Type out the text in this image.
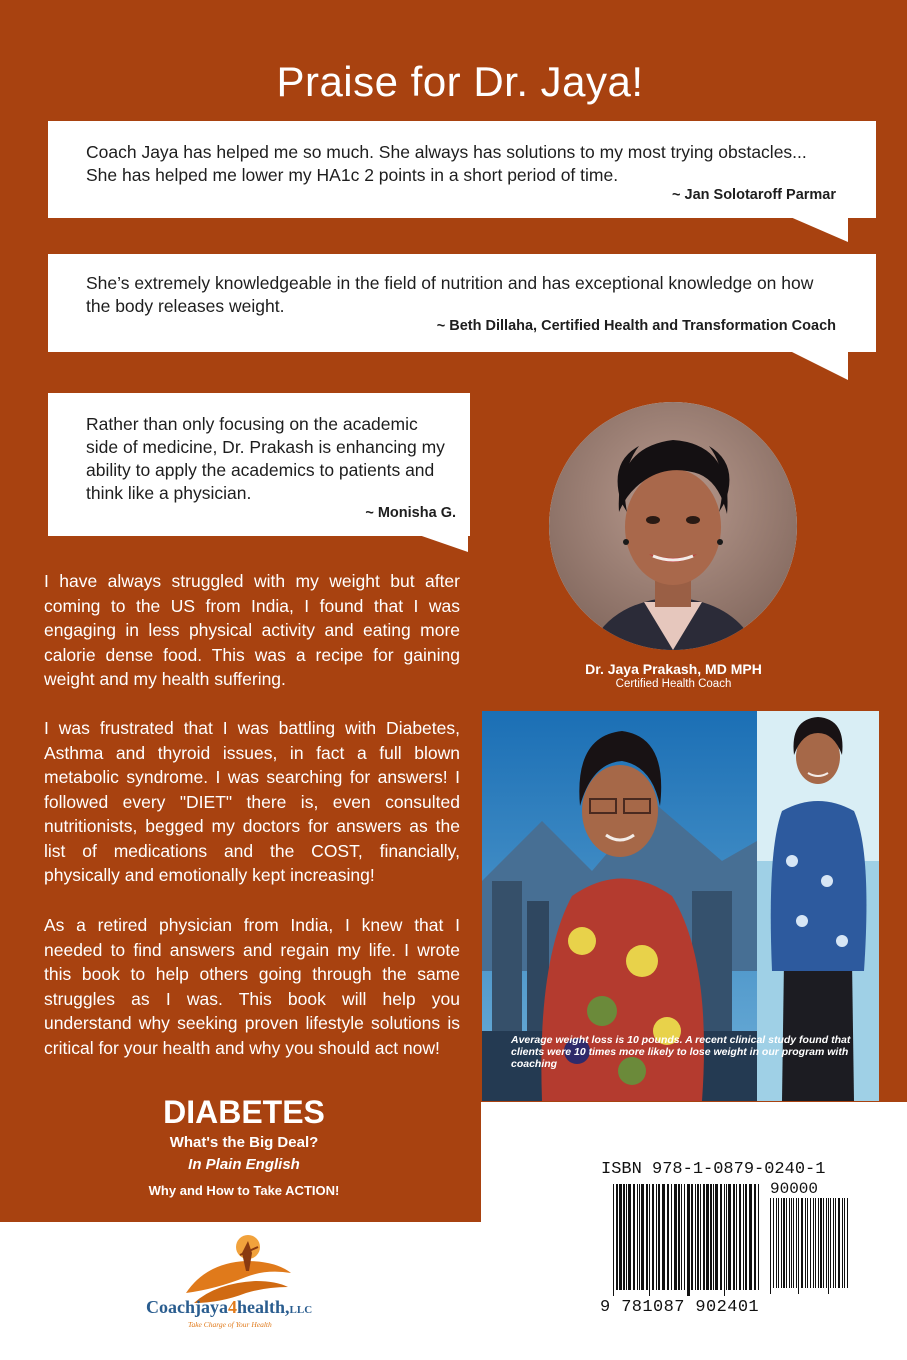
Praise for Dr. Jaya!
Coach Jaya has helped me so much. She always has solutions to my most trying obstacles... She has helped me lower my HA1c 2 points in a short period of time.
~ Jan Solotaroff Parmar
She’s extremely knowledgeable in the field of nutrition and has exceptional knowledge on how the body releases weight.
~ Beth Dillaha, Certified Health and Transformation Coach
Rather than only focusing on the academic side of medicine, Dr. Prakash is enhancing my ability to apply the academics to patients and think like a physician.
~ Monisha G.
Dr. Jaya Prakash, MD MPH
Certified Health Coach

I have always struggled with my weight but after coming to the US from India, I found that I was engaging in less physical activity and eating more calorie dense food. This was a recipe for gaining weight and my health suffering.

I was frustrated that I was battling with Diabetes, Asthma and thyroid issues, in fact a full blown metabolic syndrome. I was searching for answers! I followed every "DIET" there is, even consulted nutritionists, begged my doctors for answers as the list of medications and the COST, financially, physically and emotionally kept increasing!

As a retired physician from India, I knew that I needed to find answers and regain my life. I wrote this book to help others going through the same struggles as I was. This book will help you understand why seeking proven lifestyle solutions is critical for your health and why you should act now!	Average weight loss is 10 pounds. A recent clinical study found that clients were 10 times more likely to lose weight in our program with coaching
DIABETES
What's the Big Deal?
In Plain English
Why and How to Take ACTION!
ISBN 978-1-0879-0240-1
90000
9 781087 902401
Coachjaya4health,LLC
Take Charge of Your Health
